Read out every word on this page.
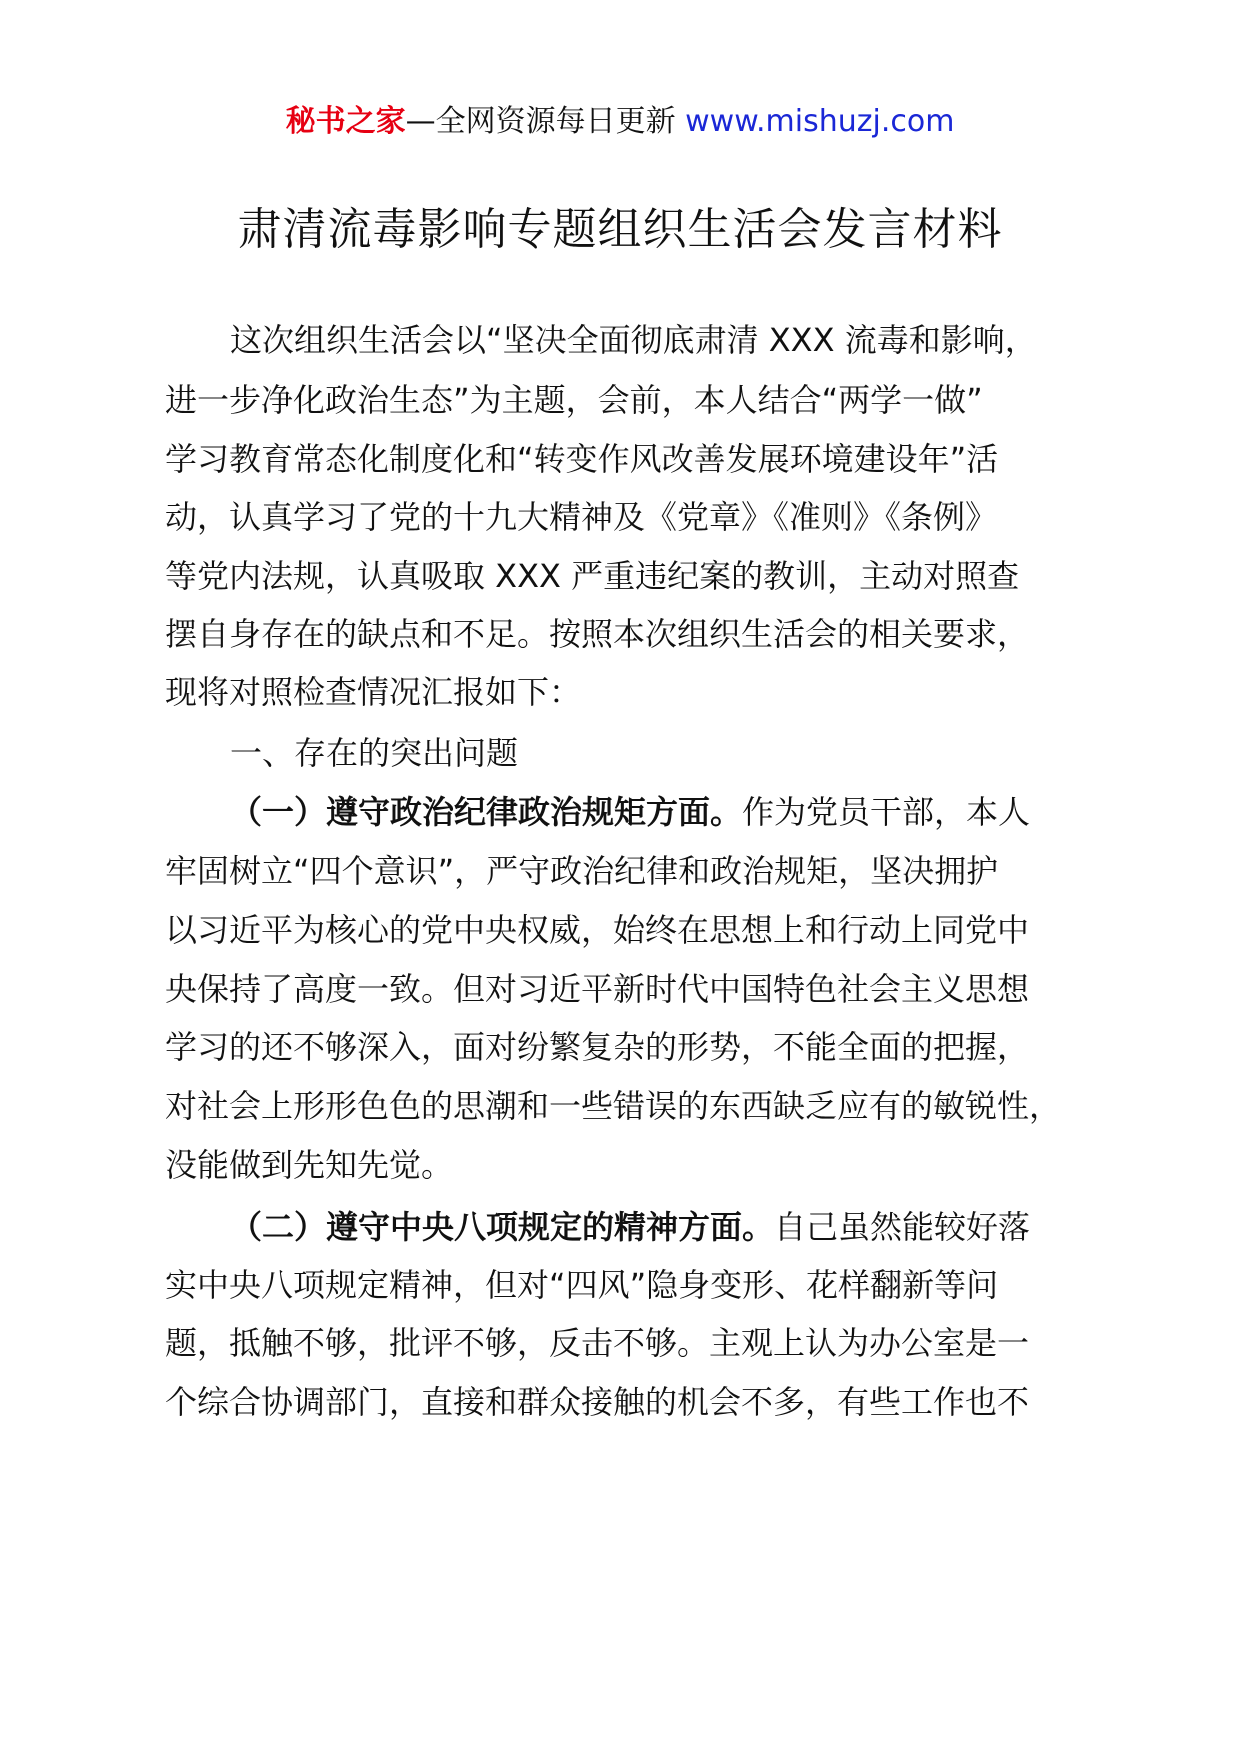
秘书之家—全网资源每日更新 www.mishuzj.com
肃清流毒影响专题组织生活会发言材料

这次组织生活会以“坚决全面彻底肃清 XXX 流毒和影响，

进一步净化政治生态”为主题，会前，本人结合“两学一做”

学习教育常态化制度化和“转变作风改善发展环境建设年”活

动，认真学习了党的十九大精神及《党章》《准则》《条例》

等党内法规，认真吸取 XXX 严重违纪案的教训，主动对照查

摆自身存在的缺点和不足。按照本次组织生活会的相关要求，

现将对照检查情况汇报如下：

一、存在的突出问题

（一）遵守政治纪律政治规矩方面。作为党员干部，本人

牢固树立“四个意识”，严守政治纪律和政治规矩，坚决拥护

以习近平为核心的党中央权威，始终在思想上和行动上同党中

央保持了高度一致。但对习近平新时代中国特色社会主义思想

学习的还不够深入，面对纷繁复杂的形势，不能全面的把握，

对社会上形形色色的思潮和一些错误的东西缺乏应有的敏锐性，

没能做到先知先觉。

（二）遵守中央八项规定的精神方面。自己虽然能较好落

实中央八项规定精神，但对“四风”隐身变形、花样翻新等问

题，抵触不够，批评不够，反击不够。主观上认为办公室是一

个综合协调部门，直接和群众接触的机会不多，有些工作也不
